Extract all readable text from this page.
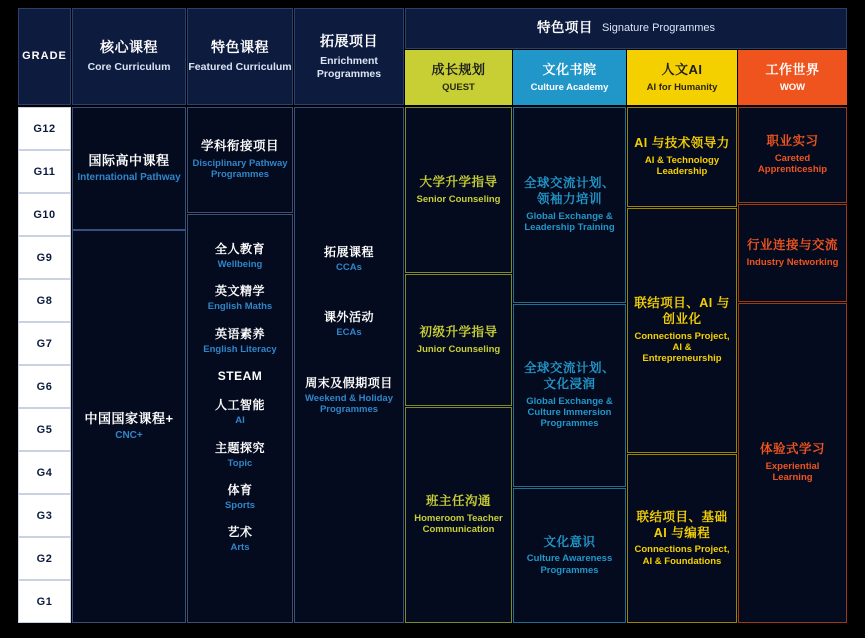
GRADE
核心课程
Core Curriculum
特色课程
Featured Curriculum
拓展项目
Enrichment Programmes
特色项目 Signature Programmes
成长规划
QUEST
文化书院
Culture Academy
人文AI
AI for Humanity
工作世界
WOW
G12
G11
G10
G9
G8
G7
G6
G5
G4
G3
G2
G1
国际高中课程
International Pathway
中国国家课程+
CNC+
学科衔接项目
Disciplinary Pathway Programmes
全人教育
Wellbeing
英文精学
English Maths
英语素养
English Literacy
STEAM
人工智能
AI
主题探究
Topic
体育
Sports
艺术
Arts
拓展课程
CCAs
课外活动
ECAs
周末及假期项目
Weekend & Holiday Programmes
大学升学指导
Senior Counseling
初级升学指导
Junior Counseling
班主任沟通
Homeroom Teacher Communication
全球交流计划、领袖力培训
Global Exchange & Leadership Training
全球交流计划、文化浸润
Global Exchange & Culture Immersion Programmes
文化意识
Culture Awareness Programmes
AI 与技术领导力
AI & Technology Leadership
联结项目、AI 与创业化
Connections Project, AI & Entrepreneurship
联结项目、基础 AI 与编程
Connections Project, AI & Foundations
职业实习
Careted Apprenticeship
行业连接与交流
Industry Networking
体验式学习
Experiential Learning
